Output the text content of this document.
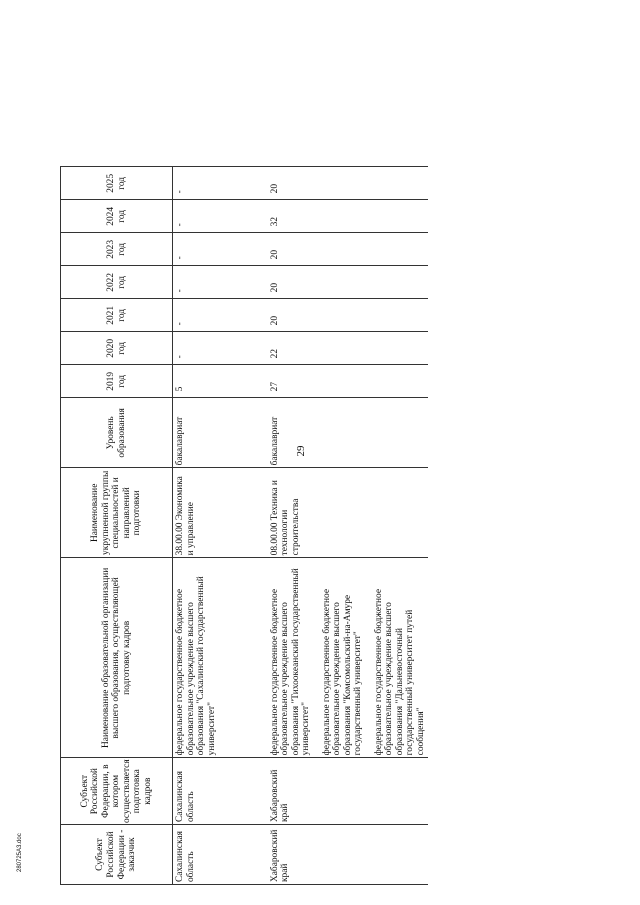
29
280725А3.doc	Субъект Российской Федерации - заказчик	Субъект Российской Федерации, в котором осуществляется подготовка кадров	Наименование образовательной организации высшего образования, осуществляющей подготовку кадров	Наименование укрупненной группы специальностей и направлений подготовки	Уровень образования	2019 год	2020 год	2021 год	2022 год	2023 год	2024 год	2025 год
Сахалинская область	Сахалинская область	федеральное государственное бюджетное образовательное учреждение высшего образования "Сахалинский государственный университет"	38.00.00 Экономика и управление	бакалавриат	5	-	-	-	-	-	-
Хабаровский край	Хабаровский край	федеральное государственное бюджетное образовательное учреждение высшего образования "Тихоокеанский государственный университет" федеральное государственное бюджетное образовательное учреждение высшего образования "Комсомольский-на-Амуре государственный университет" федеральное государственное бюджетное образовательное учреждение высшего образования "Дальневосточный государственный университет путей сообщения"	08.00.00 Техника и технологии строительства	бакалавриат	27	22	20	20	20	32	20
